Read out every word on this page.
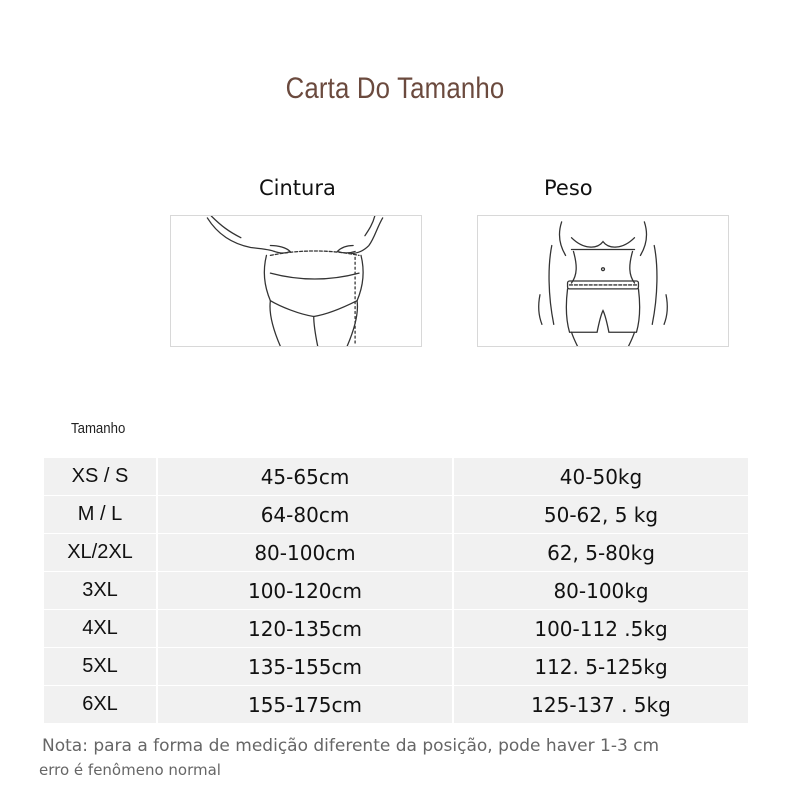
Carta Do Tamanho
Cintura	Peso
Tamanho
XS / S	45-65cm	40-50kg
M / L	64-80cm	50-62, 5 kg
XL/2XL	80-100cm	62, 5-80kg
3XL	100-120cm	80-100kg
4XL	120-135cm	100-112 .5kg
5XL	135-155cm	112. 5-125kg
6XL	155-175cm	125-137 . 5kg
Nota: para a forma de medição diferente da posição, pode haver 1-3 cm
erro é fenômeno normal
